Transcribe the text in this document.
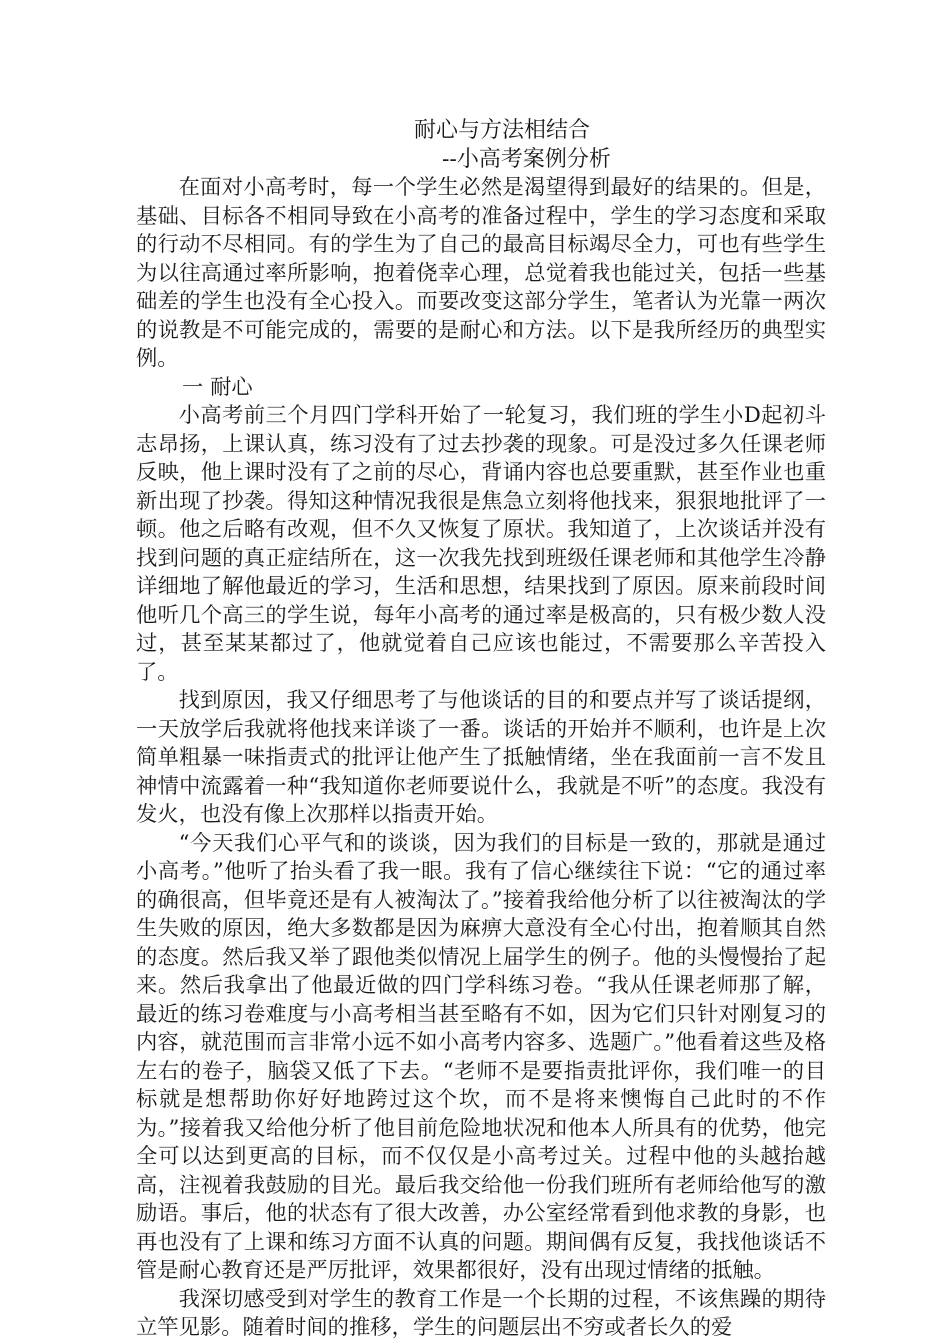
耐心与方法相结合
--小高考案例分析

在面对小高考时，每一个学生必然是渴望得到最好的结果的。但是，基础、目标各不相同导致在小高考的准备过程中，学生的学习态度和采取的行动不尽相同。有的学生为了自己的最高目标竭尽全力，可也有些学生为以往高通过率所影响，抱着侥幸心理，总觉着我也能过关，包括一些基础差的学生也没有全心投入。而要改变这部分学生，笔者认为光靠一两次的说教是不可能完成的，需要的是耐心和方法。以下是我所经历的典型实例。

一 耐心

小高考前三个月四门学科开始了一轮复习，我们班的学生小D起初斗志昂扬，上课认真，练习没有了过去抄袭的现象。可是没过多久任课老师反映，他上课时没有了之前的尽心，背诵内容也总要重默，甚至作业也重新出现了抄袭。得知这种情况我很是焦急立刻将他找来，狠狠地批评了一顿。他之后略有改观，但不久又恢复了原状。我知道了，上次谈话并没有找到问题的真正症结所在，这一次我先找到班级任课老师和其他学生冷静详细地了解他最近的学习，生活和思想，结果找到了原因。原来前段时间他听几个高三的学生说，每年小高考的通过率是极高的，只有极少数人没过，甚至某某都过了，他就觉着自己应该也能过，不需要那么辛苦投入了。

找到原因，我又仔细思考了与他谈话的目的和要点并写了谈话提纲，一天放学后我就将他找来详谈了一番。谈话的开始并不顺利，也许是上次简单粗暴一味指责式的批评让他产生了抵触情绪，坐在我面前一言不发且神情中流露着一种“我知道你老师要说什么，我就是不听”的态度。我没有发火，也没有像上次那样以指责开始。

“今天我们心平气和的谈谈，因为我们的目标是一致的，那就是通过小高考。”他听了抬头看了我一眼。我有了信心继续往下说：“它的通过率的确很高，但毕竟还是有人被淘汰了。”接着我给他分析了以往被淘汰的学生失败的原因，绝大多数都是因为麻痹大意没有全心付出，抱着顺其自然的态度。然后我又举了跟他类似情况上届学生的例子。他的头慢慢抬了起来。然后我拿出了他最近做的四门学科练习卷。“我从任课老师那了解，最近的练习卷难度与小高考相当甚至略有不如，因为它们只针对刚复习的内容，就范围而言非常小远不如小高考内容多、选题广。”他看着这些及格左右的卷子，脑袋又低了下去。“老师不是要指责批评你，我们唯一的目标就是想帮助你好好地跨过这个坎，而不是将来懊悔自己此时的不作为。”接着我又给他分析了他目前危险地状况和他本人所具有的优势，他完全可以达到更高的目标，而不仅仅是小高考过关。过程中他的头越抬越高，注视着我鼓励的目光。最后我交给他一份我们班所有老师给他写的激励语。事后，他的状态有了很大改善，办公室经常看到他求教的身影，也再也没有了上课和练习方面不认真的问题。期间偶有反复，我找他谈话不管是耐心教育还是严厉批评，效果都很好，没有出现过情绪的抵触。

我深切感受到对学生的教育工作是一个长期的过程，不该焦躁的期待立竿见影。随着时间的推移，学生的问题层出不穷或者长久的爱
